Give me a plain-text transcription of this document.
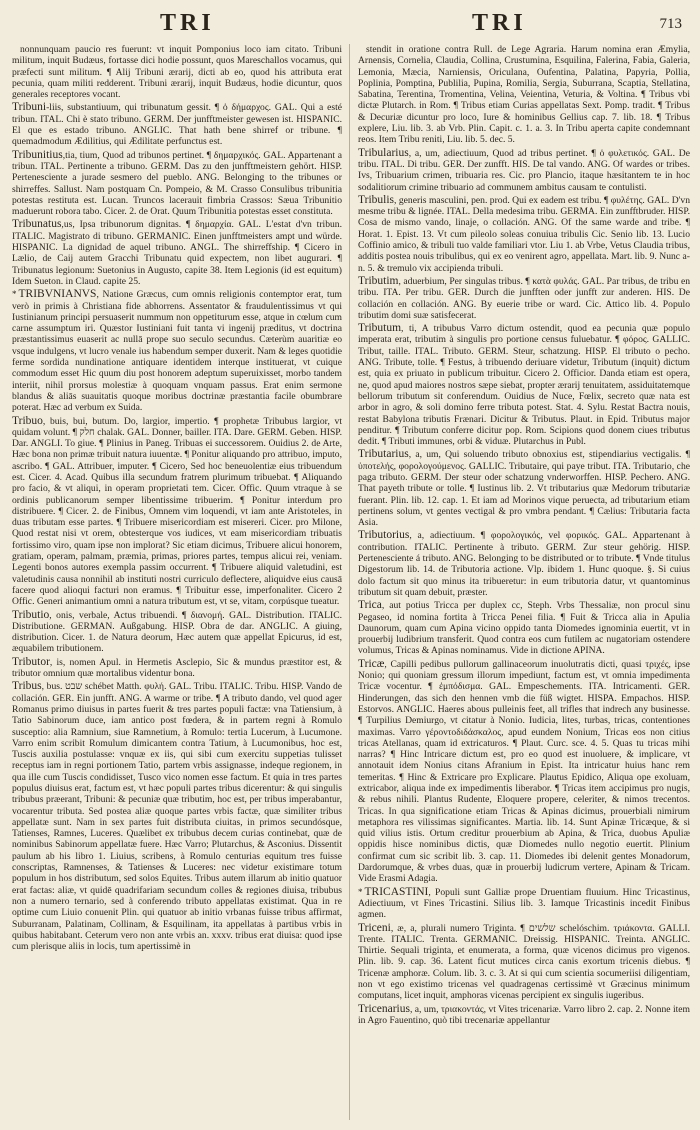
TRI	TRI	713

nonnunquam paucio res fuerunt: vt inquit Pomponius loco iam citato. Tribuni militum, inquit Budæus, fortasse dici hodie possunt, quos Mareschallos vocamus, qui præfecti sunt militum. ¶ Alij Tribuni ærarij, dicti ab eo, quod his attributa erat pecunia, quam militi redderent. Tribuni ærarij, inquit Budæus, hodie dicuntur, quos generales receptores vocant.

Tribuni-liis, substantiuum, qui tribunatum gessit. ¶ ὁ δήμαρχος. GAL. Qui a esté tribun. ITAL. Chi è stato tribuno. GERM. Der junfftmeister gewesen ist. HISPANIC. El que es estado tribuno. ANGLIC. That hath bene shirref or tribune. ¶ quemadmodum Ædilitius, qui Ædilitate perfunctus est.

Tribunitius,tia, tium, Quod ad tribunos pertinet. ¶ δημαρχικός. GAL. Appartenant a tribun. ITAL. Pertinente a tribuno. GERM. Das zu den junfftmeistern gehört. HISP. Pertenesciente a jurade sesmero del pueblo. ANG. Belonging to the tribunes or shirreffes. Sallust. Nam postquam Cn. Pompeio, & M. Crasso Consulibus tribunitia potestas restituta est. Lucan. Truncos lacerauit fimbria Crassos: Sæua Tribunitio maduerunt robora tabo. Cicer. 2. de Orat. Quum Tribunitia potestas esset constituta.

Tribunatus,us, Ipsa tribunorum dignitas. ¶ δημαρχία. GAL. L'estat d'vn tribun. ITALIC. Magistrato di tribuno. GERMANIC. Einen junfftmeisters ampt und würde. HISPANIC. La dignidad de aquel tribuno. ANGL. The shirreffship. ¶ Cicero in Lælio, de Caij autem Gracchi Tribunatu quid expectem, non libet augurari. ¶ Tribunatus legionum: Suetonius in Augusto, capite 38. Item Legionis (id est equitum) Idem Sueton. in Claud. capite 25.

* TRIBVNIANVS, Natione Græcus, cum omnis religionis contemptor erat, tum verò in primis à Christiana fide abhorrens. Assentator & fraudulentissimus vt qui Iustinianum principi persuaserit nummum non oppetiturum esse, atque in cœlum cum carne assumptum iri. Quæstor Iustiniani fuit tanta vi ingenij præditus, vt doctrina præstantissimus euaserit ac nullā prope suo seculo secundus. Cæterùm auaritiæ eo vsque indulgens, vt lucro venale ius habendum semper duxerit. Nam & leges quotidie ferme sordida nundinatione antiquare identidem interque instituerat, vt cuique commodum esset Hic quum diu post honorem adeptum superuixisset, morbo tandem interiit, nihil prorsus molestiæ à quoquam vnquam passus. Erat enim sermone blandus & aliās suauitatis quoque moribus doctrinæ præstantia facile obumbrare poterat. Hæc ad verbum ex Suida.

Tribuo, buis, bui, butum. Do, largior, impertio. ¶ prophetæ Tribubus largior, vt quidam volunt. ¶ חלק chalak. GAL. Donner, bailler. ITA. Dare. GERM. Geben. HISP. Dar. ANGLI. To giue. ¶ Plinius in Paneg. Tribuas ei successorem. Ouidius 2. de Arte, Hæc bona non primæ tribuit natura iuuentæ. ¶ Ponitur aliquando pro attribuo, imputo, ascribo. ¶ GAL. Attribuer, imputer. ¶ Cicero, Sed hoc beneuolentiæ eius tribuendum est. Cicer. 4. Acad. Quibus illa secundum fratrem plurimum tribuebat. ¶ Aliquando pro facio, & vt aliqui, in operam proprietati tem. Cicer. Offic. Quum vtraque à se ordinis publicanorum semper libentissime tribuerim. ¶ Ponitur interdum pro distribuere. ¶ Cicer. 2. de Finibus, Omnem vim loquendi, vt iam ante Aristoteles, in duas tributam esse partes. ¶ Tribuere misericordiam est misereri. Cicer. pro Milone, Quod restat nisi vt orem, obtesterque vos iudices, vt eam misericordiam tribuatis fortissimo viro, quam ipse non implorat? Sic etiam dicimus, Tribuere alicui honorem, gratiam, operam, palmam, præmia, primas, priores partes, tempus alicui rei, veniam. Legenti bonos autores exempla passim occurrent. ¶ Tribuere aliquid valetudini, est valetudinis causa nonnihil ab instituti nostri curriculo deflectere, aliquidve eius causā facere quod alioqui facturi non eramus. ¶ Tribuitur esse, imperfonaliter. Cicero 2 Offic. Generi animantium omni a natura tributum est, vt se, vitam, corpúsque tueatur.

Tributio, onis, verbale, Actus tribuendi. ¶ διανομή. GAL. Distribution. ITALIC. Distributione. GERMAN. Außgabung. HISP. Obra de dar. ANGLIC. A giuing, distribution. Cicer. 1. de Natura deorum, Hæc autem quæ appellat Epicurus, id est, æquabilem tributionem.

Tributor, is, nomen Apul. in Hermetis Asclepio, Sic & mundus præstitor est, & tributor omnium quæ mortalibus videntur bona.

Tribus, bus. שבט schébet Matth. φυλή. GAL. Tribu. ITALIC. Tribu. HISP. Vando de collación. GER. Ein junfft. ANG. A warme or tribe. ¶ A tributo dando, vel quod ager Romanus primo diuisus in partes fuerit & tres partes populi factæ: vna Tatiensium, à Tatio Sabinorum duce, iam antico post fœdera, & in partem regni à Romulo susceptio: alia Ramnium, siue Ramnetium, à Romulo: tertia Lucerum, à Lucumone. Varro enim scribit Romulum dimicantem contra Tatium, à Lucumonibus, hoc est, Tuscis auxilia postulasse: vnquæ ex iis, qui sibi cum exercitu suppetias tulisset receptus iam in regni portionem Tatio, partem vrbis assignasse, indeque regionem, in qua ille cum Tuscis condidisset, Tusco vico nomen esse factum. Et quia in tres partes populus diuisus erat, factum est, vt hæc populi partes tribus dicerentur: & qui singulis tribubus præerant, Tribuni: & pecuniæ quæ tributim, hoc est, per tribus imperabantur, vocarentur tributa. Sed postea aliæ quoque partes vrbis factæ, quæ similiter tribus appellatæ sunt. Nam in sex partes fuit distributa ciuitas, in primos secundósque, Tatienses, Ramnes, Luceres. Quælibet ex tribubus decem curias continebat, quæ de nominibus Sabinorum appellatæ fuere. Hæc Varro; Plutarchus, & Asconius. Dissentit paulum ab his libro 1. Liuius, scribens, à Romulo centurias equitum tres fuisse conscriptas, Ramnenses, & Tatienses & Luceres: nec videtur existimare totum populum in hos distributum, sed solos Equites. Tribus autem illarum ab initio quatuor erat factas: aliæ, vt quidē quadrifariam secundum colles & regiones diuisa, tribubus non a numero ternario, sed à conferendo tributo appellatas existimat. Qua in re optime cum Liuio conuenit Plin. qui quatuor ab initio vrbanas fuisse tribus affirmat, Suburranam, Palatinam, Collinam, & Esquilinam, ita appellatas à partibus vrbis in quibus habitabant. Ceterum vero non ante vrbis an. xxxv. tribus erat diuisa: quod ipse cum plerisque aliis in locis, tum apertissimè in

stendit in oratione contra Rull. de Lege Agraria. Harum nomina eran Æmylia, Arnensis, Cornelia, Claudia, Collina, Crustumina, Esquilina, Falerina, Fabia, Galeria, Lemonia, Mæcia, Narniensis, Oriculana, Oufentina, Palatina, Papyria, Pollia, Poplinia, Pomptina, Publilia, Pupina, Romilia, Sergia, Suburrana, Scaptia, Stellatina, Sabatina, Terentina, Tromentina, Velina, Veientina, Veturia, & Voltina. ¶ Tribus vbi dictæ Plutarch. in Rom. ¶ Tribus etiam Curias appellatas Sext. Pomp. tradit. ¶ Tribus & Decuriæ dicuntur pro loco, Iure & hominibus Gellius cap. 7. lib. 18. ¶ Tribus explere, Liu. lib. 3. ab Vrb. Plin. Capit. c. 1. a. 3. In Tribu aperta capite condemnant reos. Item Tribu reniti, Liu. lib. 5. dec. 5.

Tribularius, a, um, adiectiuum, Quod ad tribus pertinet. ¶ ὁ φυλετικός. GAL. De tribu. ITAL. Di tribu. GER. Der zunfft. HIS. De tal vando. ANG. Of wardes or tribes. Ivs, Tribuarium crimen, tribuaria res. Cic. pro Plancio, itaque hæsitantem te in hoc sodalitiorum crimine tribuario ad communem ambitus causam te contulisti.

Tribulis, generis masculini, pen. prod. Qui ex eadem est tribu. ¶ φυλέτης. GAL. D'vn mesme tribu & lignée. ITAL. Della medesima tribu. GERMA. Ein zunfftbruder. HISP. Cosa de mismo vando, linaje, o collación. ANG. Of the same warde and tribe. ¶ Horat. 1. Epist. 13. Vt cum pileolo soleas conuiua tribulis Cic. Senio lib. 13. Lucio Coffinio amico, & tribuli tuo valde familiari vtor. Liu 1. ab Vrbe, Vetus Claudia tribus, additis postea nouis tribulibus, qui ex eo venirent agro, appellata. Mart. lib. 9. Nunc a-n. 5. & tremulo vix accipienda tribuli.

Tributim, aduerbium, Per singulas tribus. ¶ κατὰ φυλάς. GAL. Par tribus, de tribu en tribu. ITA. Per tribu. GER. Durch die junfften oder junfft zur anderen. HIS. De collación en collación. ANG. By euerie tribe or ward. Cic. Attico lib. 4. Populo tributim domi suæ satisfecerat.

Tributum, ti, A tribubus Varro dictum ostendit, quod ea pecunia quæ populo imperata erat, tributim à singulis pro portione census fuluebatur. ¶ φόρος. GALLIC. Tribut, taille. ITAL. Tributo. GERM. Steur, schatzung. HISP. El tributo o pecho. ANG. Tribute, tolle. ¶ Festus, à tribuendo deriuare videtur, Tributum (inquit) dictum est, quia ex priuato in publicum tribuitur. Cicero 2. Officior. Danda etiam est opera, ne, quod apud maiores nostros sæpe siebat, propter ærarij tenuitatem, assiduitatemque bellorum tributum sit conferendum. Ouidius de Nuce, Fœlix, secreto quæ nata est arbor in agro, & soli domino ferre tributa potest. Stat. 4. Sylu. Restat Bactra nouis, restat Babylona tributis Frænari. Dicitur & Tributus. Plaut. in Epid. Tributus major penditur. ¶ Tributum conferre dicitur pop. Rom. Scipions quod donem ciues tributus dedit. ¶ Tributi immunes, orbi & viduæ. Plutarchus in Publ.

Tributarius, a, um, Qui soluendo tributo obnoxius est, stipendiarius vectigalis. ¶ ὑποτελής, φορολογούμενος. GALLIC. Tributaire, qui paye tribut. ITA. Tributario, che paga tributo. GERM. Der steur oder schatzung vnderworffen. HISP. Pechero. ANG. That payeth tribute or tolle. ¶ Iustinus lib. 2. Vt tributarius quæ Medorum tributariæ fuerant. Plin. lib. 12. cap. 1. Et iam ad Morinos vique peruecta, ad tributarium etiam pertinens solum, vt gentes vectigal & pro vmbra pendant. ¶ Cælius: Tributaria facta Asia.

Tributorius, a, adiectiuum. ¶ φορολογικός, vel φορικός. GAL. Appartenant à contribution. ITALIC. Pertinente à tributo. GERM. Zur steur gehörig. HISP. Pertenesciente á tributo. ANG. Belonging to be distributed or to tribute. ¶ Vnde titulus Digestorum lib. 14. de Tributoria actione. Vlp. ibidem 1. Hunc quoque. §. Si cuius dolo factum sit quo minus ita tribueretur: in eum tributoria datur, vt quantominus tributum sit quam debuit, præster.

Trica, aut potius Tricca per duplex cc, Steph. Vrbs Thessaliæ, non procul sinu Pegaseo, id nomina fortita à Tricca Penei filia. ¶ Fuit & Tricca alia in Apulia Daunorum, quam cum Apina vicino oppido tanta Diomedes ignominia euertit, vt in prouerbij ludibrium transferit. Quod contra eos cum futilem ac nugatoriam ostendere volumus, Tricas & Apinas nominamus. Vide in dictione APINA.

Tricæ, Capilli pedibus pullorum gallinaceorum inuolutratis dicti, quasi τριχές, ipse Nonio; qui quoniam gressum illorum impediunt, factum est, vt omnia impedimenta Tricæ vocentur. ¶ ἐμπόδισμα. GAL. Empeschements. ITA. Intricamenti. GER. Hinderungen, das sich den hennen vmb die füß wigtet. HISPA. Empachos. HISP. Estorvos. ANGLIC. Haeres abous pulleinis feet, all trifles that indrech any businesse. ¶ Turpilius Demiurgo, vt citatur à Nonio. Iudicia, lites, turbas, tricas, contentiones maximas. Varro γέροντοδιδάσκαλος, apud eundem Nonium, Tricas eos non citius tricas Atellanas, quam id extricaturos. ¶ Plaut. Curc. sce. 4. 5. Quas tu tricas mihi narras? ¶ Hinc Intricare dictum est, pro eo quod est inuoluere, & implicare, vt annotauit idem Nonius citans Afranium in Epist. Ita intricatur huius hanc rem temeritas. ¶ Hinc & Extricare pro Explicare. Plautus Epidico, Aliqua ope exoluam, extricabor, aliqua inde ex impedimentis liberabor. ¶ Tricas item accipimus pro nugis, & rebus nihili. Plantus Rudente, Eloquere propere, celeriter, & nimos trecentos. Tricas. In qua significatione etiam Tricas & Apinas dicimus, prouerbiali nimirum metaphora res vilissimas significantes. Martia. lib. 14. Sunt Apinæ Tricæque, & si quid vilius istis. Ortum creditur prouerbium ab Apina, & Trica, duobus Apuliæ oppidis hisce nominibus dictis, quæ Diomedes nullo negotio euertit. Plinium confirmat cum sic scribit lib. 3. cap. 11. Diomedes ibi delenit gentes Monadorum, Dardorumque, & vrbes duas, quæ in prouerbij ludicrum vertere, Apinam & Tricam. Vide Erasmi Adagia.

* TRICASTINI, Populi sunt Galliæ prope Druentiam fluuium. Hinc Tricastinus, Adiectiuum, vt Fines Tricastini. Silius lib. 3. Iamque Tricastinis incedit Finibus agmen.

Triceni, æ, a, plurali numero Triginta. ¶ שלשים schelóschim. τριάκοντα. GALLI. Trente. ITALIC. Trenta. GERMANIC. Dreissig. HISPANIC. Treinta. ANGLIC. Thirtie. Sequali triginta, et enumerata, a forma, quæ vicenos dicimus pro vigenos. Plin. lib. 9. cap. 36. Latent ficut mutices circa canis exortum tricenis diebus. ¶ Tricenæ amphoræ. Colum. lib. 3. c. 3. At si qui cum scientia socumeriisi diligentiam, non vt ego existimo tricenas vel quadragenas certissimè vt Græcinus minimum computans, licet inquit, amphoras vicenas percipient ex singulis iugeribus.

Tricenarius, a, um, τριακοντάς, vt Vites tricenariæ. Varro libro 2. cap. 2. Nonne item in Agro Fauentino, quò tibi trecenariæ appellantur
